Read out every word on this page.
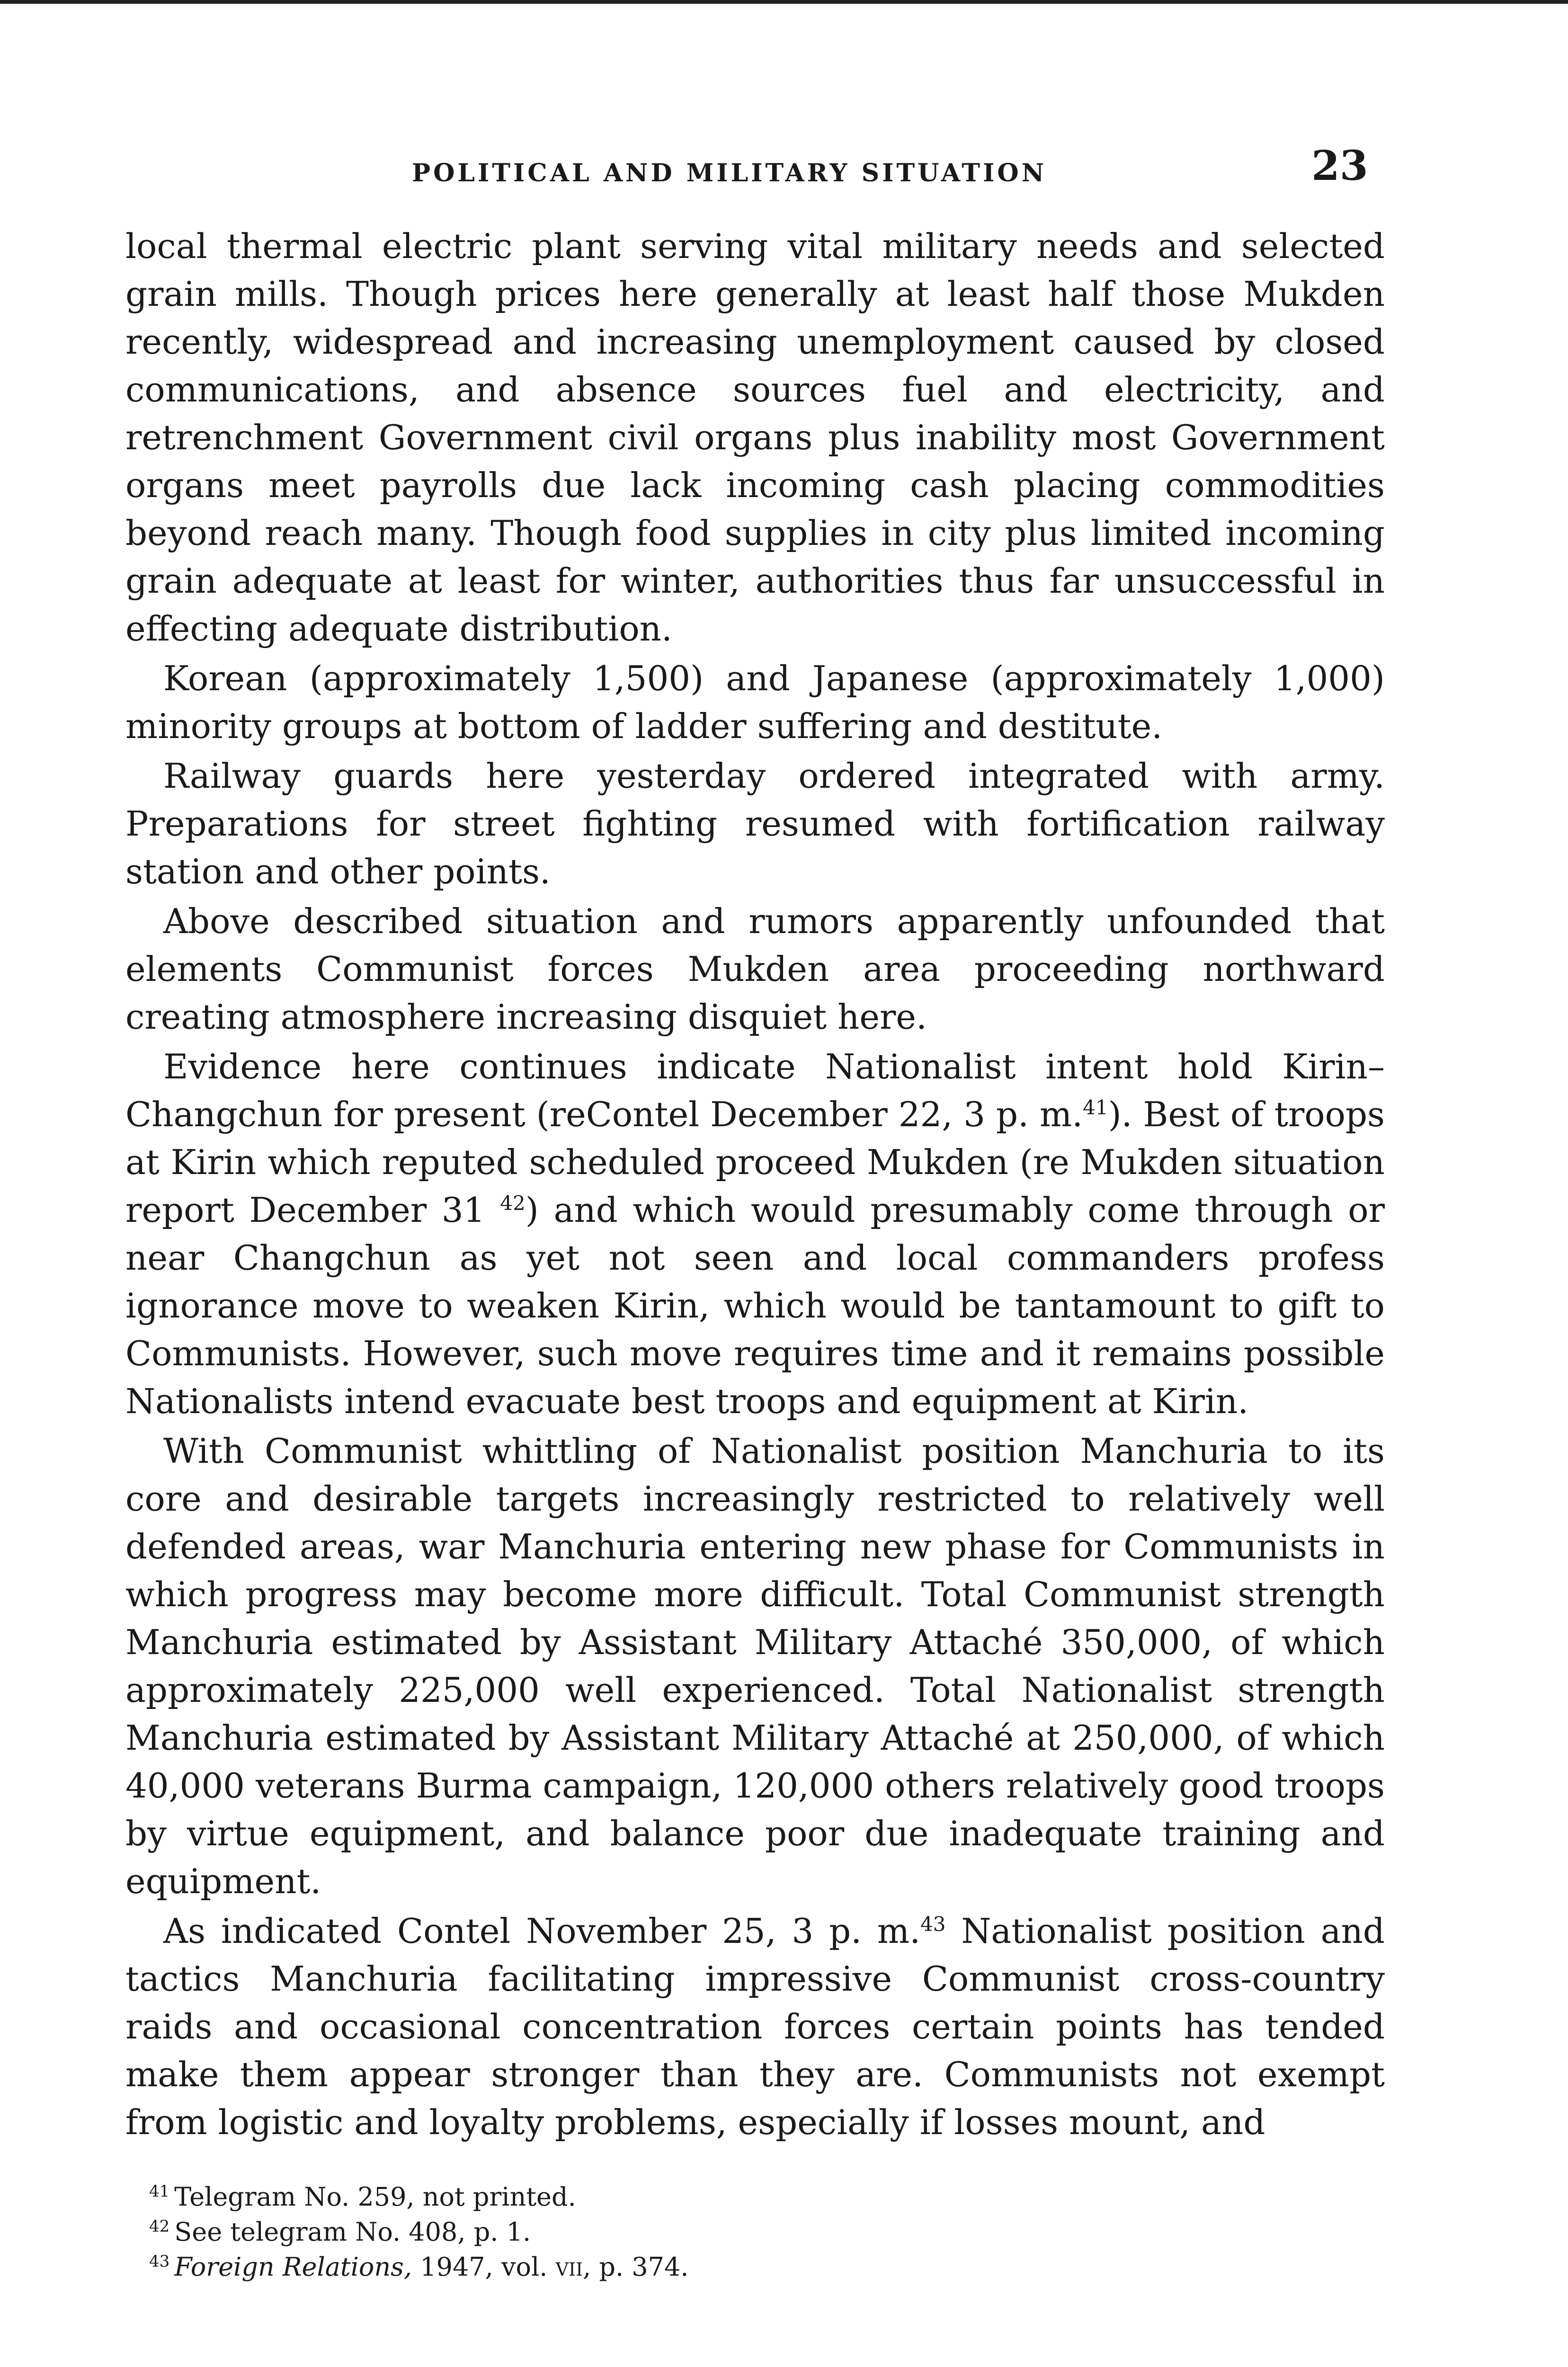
POLITICAL AND MILITARY SITUATION	23

local thermal electric plant serving vital military needs and selected grain mills. Though prices here generally at least half those Mukden recently, widespread and increasing unemployment caused by closed communications, and absence sources fuel and electricity, and retrenchment Government civil organs plus inability most Government organs meet payrolls due lack incoming cash placing commodities beyond reach many. Though food supplies in city plus limited incoming grain adequate at least for winter, authorities thus far unsuccessful in effecting adequate distribution.

Korean (approximately 1,500) and Japanese (approximately 1,000) minority groups at bottom of ladder suffering and destitute.

Railway guards here yesterday ordered integrated with army. Preparations for street fighting resumed with fortification railway station and other points.

Above described situation and rumors apparently unfounded that elements Communist forces Mukden area proceeding northward creating atmosphere increasing disquiet here.

Evidence here continues indicate Nationalist intent hold Kirin–Changchun for present (reContel December 22, 3 p. m.$^{41}$). Best of troops at Kirin which reputed scheduled proceed Mukden (re Mukden situation report December 31 $^{42}$) and which would presumably come through or near Changchun as yet not seen and local commanders profess ignorance move to weaken Kirin, which would be tantamount to gift to Communists. However, such move requires time and it remains possible Nationalists intend evacuate best troops and equipment at Kirin.

With Communist whittling of Nationalist position Manchuria to its core and desirable targets increasingly restricted to relatively well defended areas, war Manchuria entering new phase for Communists in which progress may become more difficult. Total Communist strength Manchuria estimated by Assistant Military Attaché 350,000, of which approximately 225,000 well experienced. Total Nationalist strength Manchuria estimated by Assistant Military Attaché at 250,000, of which 40,000 veterans Burma campaign, 120,000 others relatively good troops by virtue equipment, and balance poor due inadequate training and equipment.

As indicated Contel November 25, 3 p. m.$^{43}$ Nationalist position and tactics Manchuria facilitating impressive Communist cross-country raids and occasional concentration forces certain points has tended make them appear stronger than they are. Communists not exempt from logistic and loyalty problems, especially if losses mount, and

$^{41}$ Telegram No. 259, not printed.
$^{42}$ See telegram No. 408, p. 1.
$^{43}$ Foreign Relations, 1947, vol. vii, p. 374.
